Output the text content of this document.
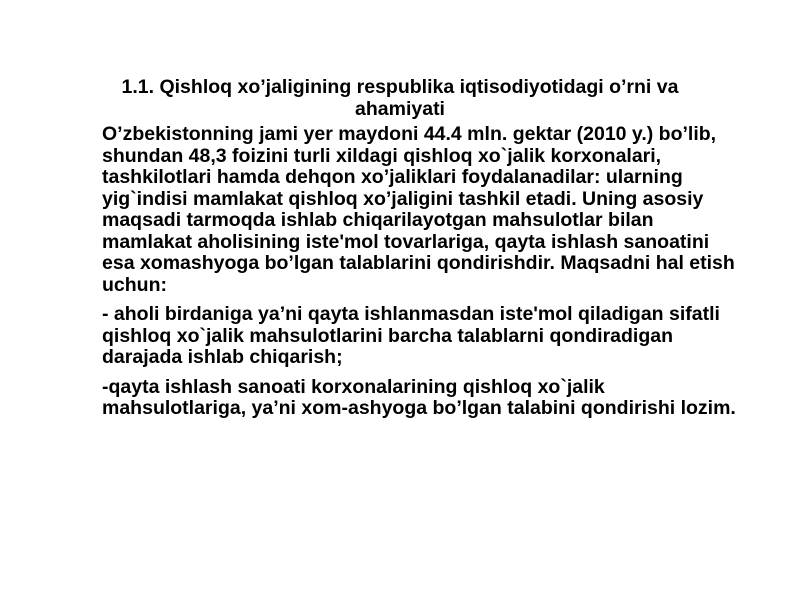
1.1. Qishloq xo’jaligining respublika iqtisodiyotidagi o’rni va
ahamiyati

O’zbekistonning jami yer maydoni 44.4 mln. gektar (2010 y.) bo’lib, shundan 48,3 foizini turli xildagi qishloq xo`jalik korxonalari, tashkilotlari hamda dehqon xo’jaliklari foydalanadilar: ularning yig`indisi mamlakat qishloq xo’jaligini tashkil etadi. Uning asosiy maqsadi tarmoqda ishlab chiqarilayotgan mahsulotlar bilan mamlakat aholisining iste'mol tovarlariga, qayta ishlash sanoatini esa xomashyoga bo’lgan talablarini qondirishdir. Maqsadni hal etish uchun:

- aholi birdaniga ya’ni qayta ishlanmasdan iste'mol qiladigan sifatli qishloq xo`jalik mahsulotlarini barcha talablarni qondiradigan darajada ishlab chiqarish;

-qayta ishlash sanoati korxonalarining qishloq xo`jalik mahsulotlariga, ya’ni xom-ashyoga bo’lgan talabini qondirishi lozim.
